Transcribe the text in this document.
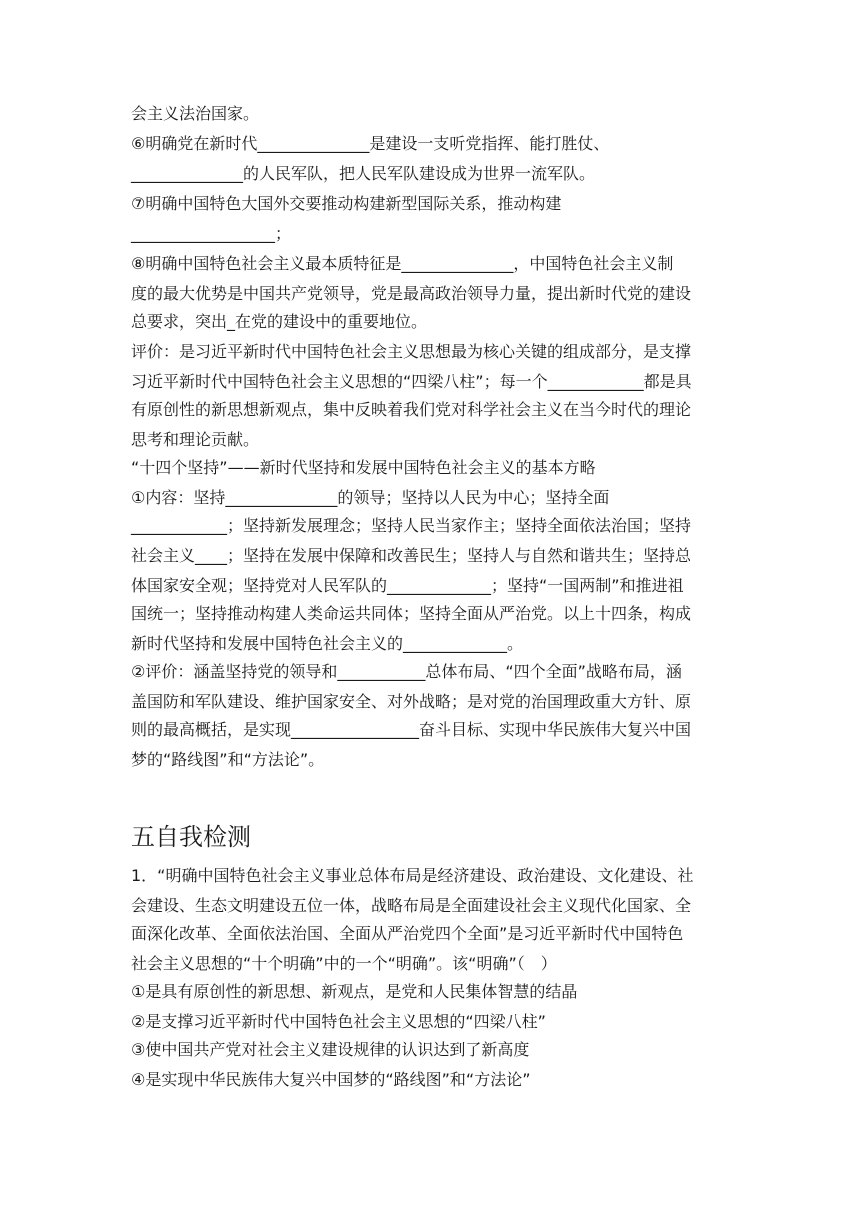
会主义法治国家。
⑥明确党在新时代______________是建设一支听党指挥、能打胜仗、
______________的人民军队，把人民军队建设成为世界一流军队。
⑦明确中国特色大国外交要推动构建新型国际关系，推动构建
__________________；
⑧明确中国特色社会主义最本质特征是______________，中国特色社会主义制
度的最大优势是中国共产党领导，党是最高政治领导力量，提出新时代党的建设
总要求，突出_在党的建设中的重要地位。
评价：是习近平新时代中国特色社会主义思想最为核心关键的组成部分，是支撑
习近平新时代中国特色社会主义思想的“四梁八柱”；每一个____________都是具
有原创性的新思想新观点，集中反映着我们党对科学社会主义在当今时代的理论
思考和理论贡献。
“十四个坚持”——新时代坚持和发展中国特色社会主义的基本方略
①内容：坚持______________的领导；坚持以人民为中心；坚持全面
____________；坚持新发展理念；坚持人民当家作主；坚持全面依法治国；坚持
社会主义____；坚持在发展中保障和改善民生；坚持人与自然和谐共生；坚持总
体国家安全观；坚持党对人民军队的_____________；坚持“一国两制”和推进祖
国统一；坚持推动构建人类命运共同体；坚持全面从严治党。以上十四条，构成
新时代坚持和发展中国特色社会主义的_____________。
②评价：涵盖坚持党的领导和___________总体布局、“四个全面”战略布局，涵
盖国防和军队建设、维护国家安全、对外战略；是对党的治国理政重大方针、原
则的最高概括，是实现________________奋斗目标、实现中华民族伟大复兴中国
梦的“路线图”和“方法论”。
五自我检测
1．“明确中国特色社会主义事业总体布局是经济建设、政治建设、文化建设、社
会建设、生态文明建设五位一体，战略布局是全面建设社会主义现代化国家、全
面深化改革、全面依法治国、全面从严治党四个全面”是习近平新时代中国特色
社会主义思想的“十个明确”中的一个“明确”。该“明确”（　）
①是具有原创性的新思想、新观点，是党和人民集体智慧的结晶
②是支撑习近平新时代中国特色社会主义思想的“四梁八柱”
③使中国共产党对社会主义建设规律的认识达到了新高度
④是实现中华民族伟大复兴中国梦的“路线图”和“方法论”
